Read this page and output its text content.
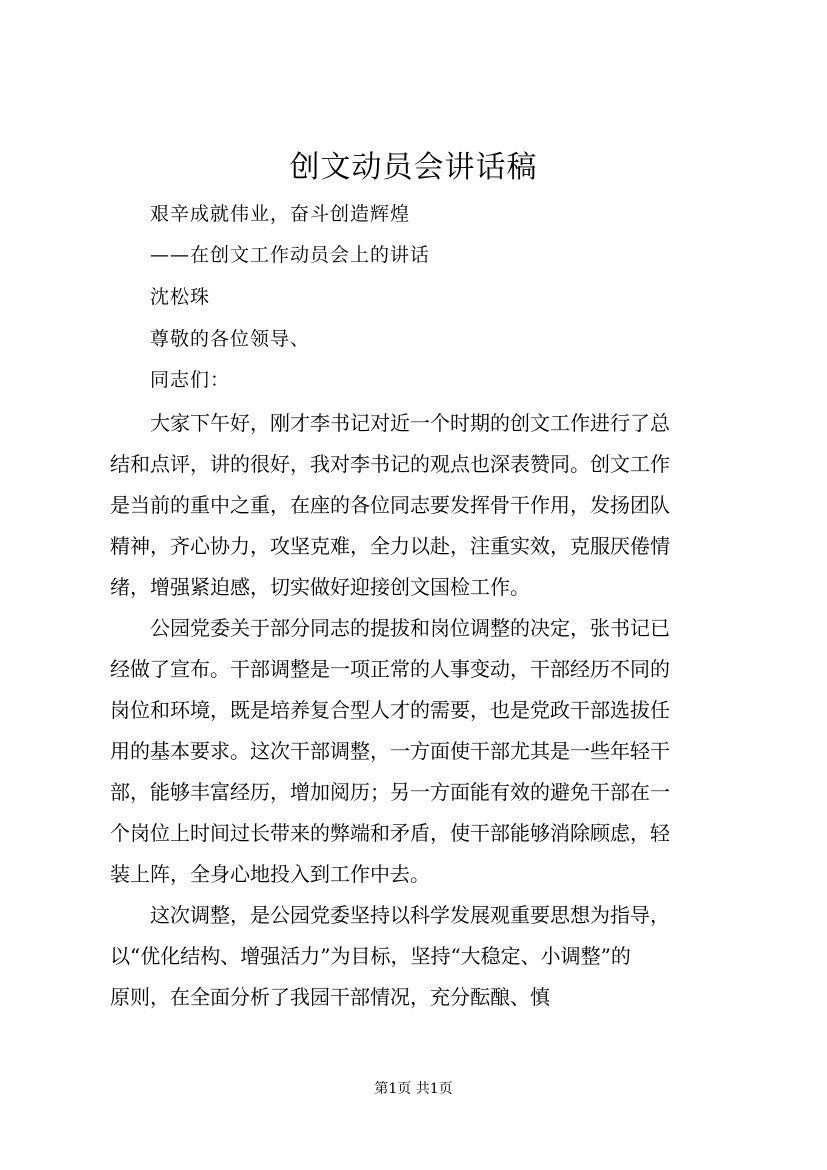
创文动员会讲话稿
艰辛成就伟业，奋斗创造辉煌
——在创文工作动员会上的讲话
沈松珠
尊敬的各位领导、
同志们：
　　大家下午好，刚才李书记对近一个时期的创文工作进行了总
结和点评，讲的很好，我对李书记的观点也深表赞同。创文工作
是当前的重中之重，在座的各位同志要发挥骨干作用，发扬团队
精神，齐心协力，攻坚克难，全力以赴，注重实效，克服厌倦情
绪，增强紧迫感，切实做好迎接创文国检工作。
　　公园党委关于部分同志的提拔和岗位调整的决定，张书记已
经做了宣布。干部调整是一项正常的人事变动，干部经历不同的
岗位和环境，既是培养复合型人才的需要，也是党政干部选拔任
用的基本要求。这次干部调整，一方面使干部尤其是一些年轻干
部，能够丰富经历，增加阅历；另一方面能有效的避免干部在一
个岗位上时间过长带来的弊端和矛盾，使干部能够消除顾虑，轻
装上阵，全身心地投入到工作中去。
　　这次调整，是公园党委坚持以科学发展观重要思想为指导，
以“优化结构、增强活力”为目标，坚持“大稳定、小调整”的
原则，在全面分析了我园干部情况，充分酝酿、慎
第1页 共1页
